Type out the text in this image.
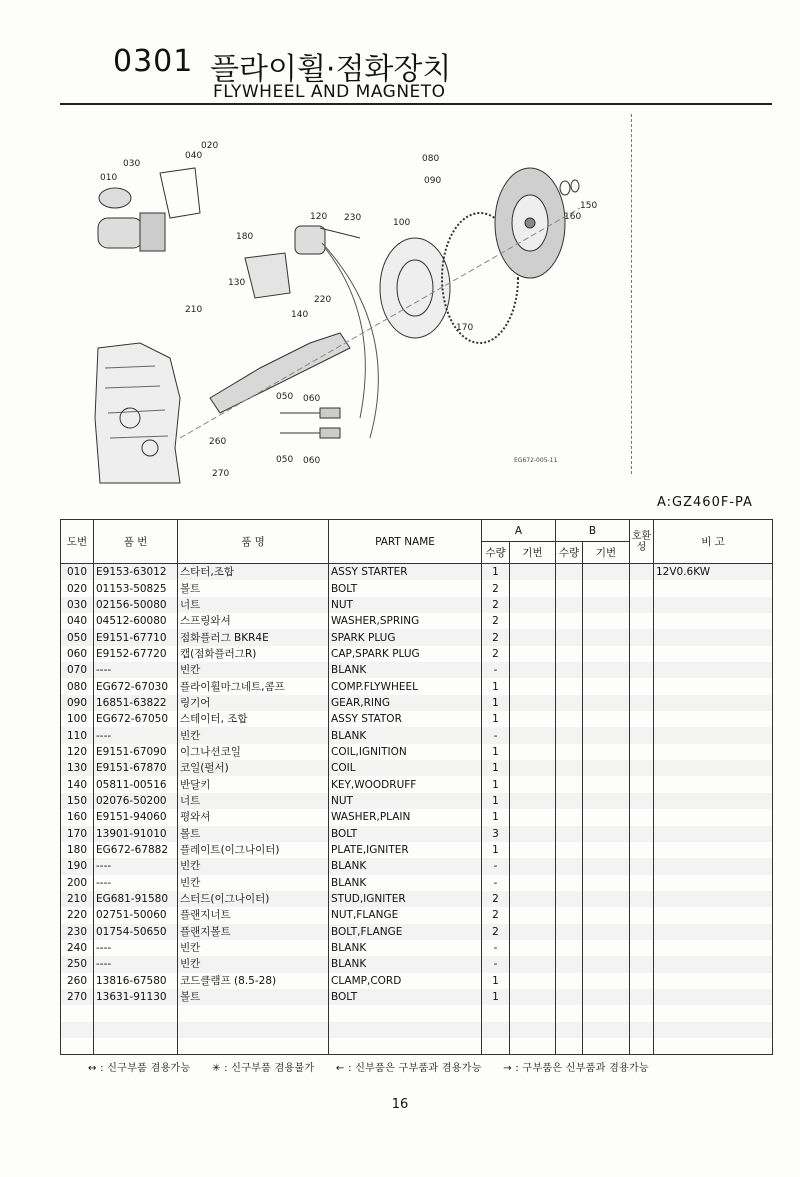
0301 플라이휠·점화장치
FLYWHEEL AND MAGNETO
010
020
030
040
050
050
060
060
080
090
100
120
130
140
150
160
170
180
210
220
230
260
270
EG672-005-11
A:GZ460F-PA
도번	품 번	품 명	PART NAME	A		B		호환성	비 고
				수량	기번	수량	기번		
010	E9153-63012	스타터,조합	ASSY STARTER	1					12V0.6KW
020	01153-50825	볼트	BOLT	2					
030	02156-50080	너트	NUT	2					
040	04512-60080	스프링와셔	WASHER,SPRING	2					
050	E9151-67710	점화플러그 BKR4E	SPARK PLUG	2					
060	E9152-67720	캡(점화플러그R)	CAP,SPARK PLUG	2					
070	----	빈칸	BLANK	-					
080	EG672-67030	플라이휠마그네트,콤프	COMP.FLYWHEEL	1					
090	16851-63822	링기어	GEAR,RING	1					
100	EG672-67050	스테이터, 조합	ASSY STATOR	1					
110	----	빈칸	BLANK	-					
120	E9151-67090	이그나션코일	COIL,IGNITION	1					
130	E9151-67870	코일(펄서)	COIL	1					
140	05811-00516	반달키	KEY,WOODRUFF	1					
150	02076-50200	너트	NUT	1					
160	E9151-94060	평와셔	WASHER,PLAIN	1					
170	13901-91010	볼트	BOLT	3					
180	EG672-67882	플레이트(이그나이터)	PLATE,IGNITER	1					
190	----	빈칸	BLANK	-					
200	----	빈칸	BLANK	-					
210	EG681-91580	스터드(이그나이터)	STUD,IGNITER	2					
220	02751-50060	플랜지너트	NUT,FLANGE	2					
230	01754-50650	플랜지볼트	BOLT,FLANGE	2					
240	----	빈칸	BLANK	-					
250	----	빈칸	BLANK	-					
260	13816-67580	코드클램프 (8.5-28)	CLAMP,CORD	1					
270	13631-91130	볼트	BOLT	1					

↔ : 신구부품 겸용가능 ✳ : 신구부품 겸용불가 ← : 신부품은 구부품과 겸용가능 → : 구부품은 신부품과 겸용가능
16
